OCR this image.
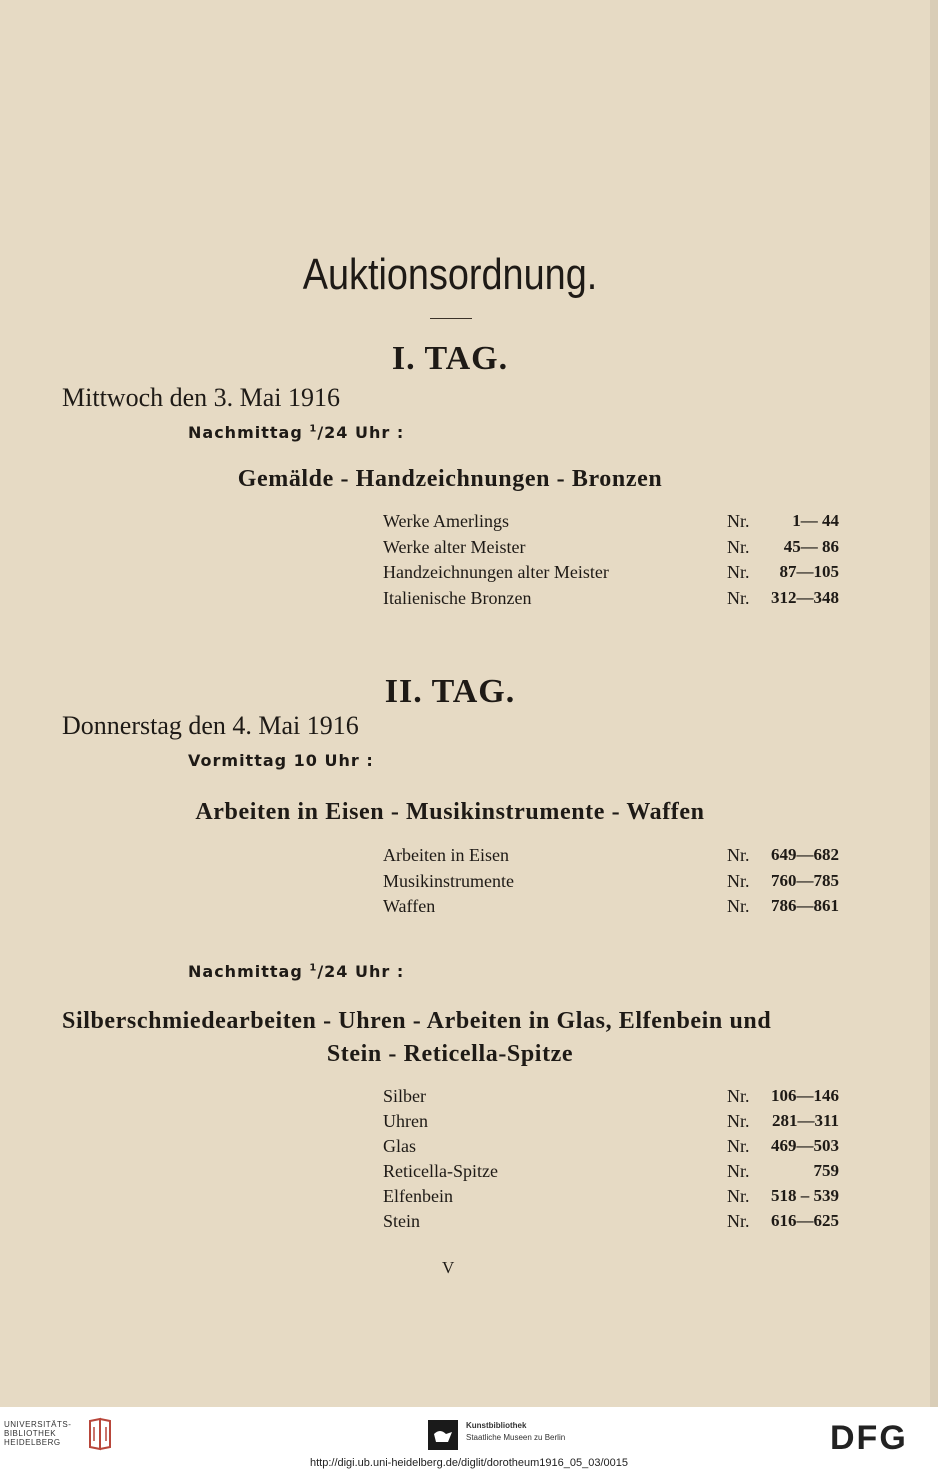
Auktionsordnung.
I. TAG.
Mittwoch den 3. Mai 1916
Nachmittag $^1$/24 Uhr :
Gemälde - Handzeichnungen - Bronzen
Werke Amerlings	Nr.	1— 44
Werke alter Meister	Nr. 45— 86
Handzeichnungen alter Meister	Nr. 87—105
Italienische Bronzen	Nr. 312—348
II. TAG.
Donnerstag den 4. Mai 1916
Vormittag 10 Uhr :
Arbeiten in Eisen - Musikinstrumente - Waffen
Arbeiten in Eisen	Nr. 649—682
Musikinstrumente	Nr. 760—785
Waffen	Nr. 786—861
Nachmittag $^1$/24 Uhr :
Silberschmiedearbeiten - Uhren - Arbeiten in Glas, Elfenbein und
Stein - Reticella-Spitze
Silber	Nr. 106—146
Uhren	Nr. 281—311
Glas	Nr. 469—503
Reticella-Spitze	Nr.	759
Elfenbein	Nr. 518 – 539
Stein	Nr. 616—625
V
UNIVERSITÄTS-
BIBLIOTHEK
HEIDELBERG
Kunstbibliothek
Staatliche Museen zu Berlin	DFG
http://digi.ub.uni-heidelberg.de/diglit/dorotheum1916_05_03/0015
